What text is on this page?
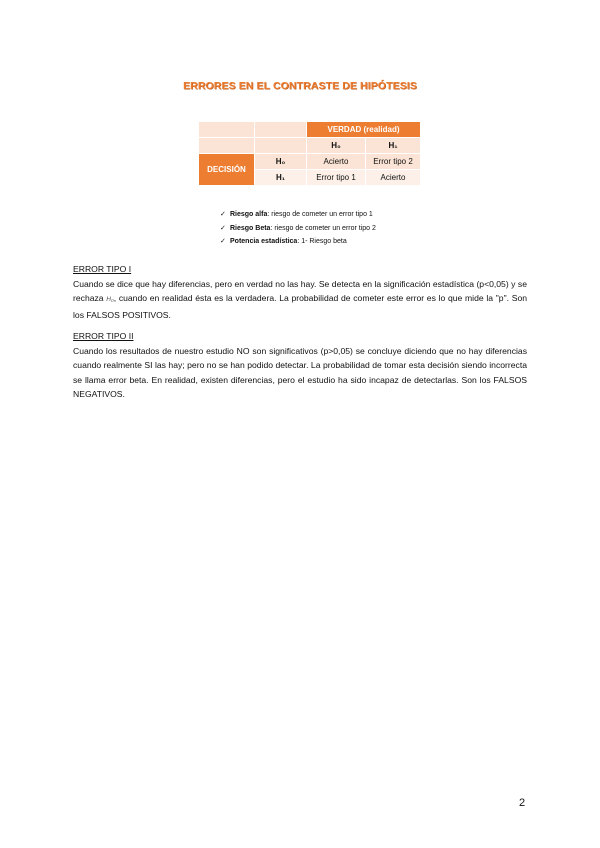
ERRORES EN EL CONTRASTE DE HIPÓTESIS
		VERDAD (realidad)	
		H₀	H₁
DECISIÓN	H₀	Acierto	Error tipo 2
	H₁	Error tipo 1	Acierto
✓ Riesgo alfa: riesgo de cometer un error tipo 1
✓ Riesgo Beta: riesgo de cometer un error tipo 2
✓ Potencia estadística: 1- Riesgo beta
ERROR TIPO I
Cuando se dice que hay diferencias, pero en verdad no las hay. Se detecta en la significación estadística (p<0,05) y se rechaza H₀, cuando en realidad ésta es la verdadera. La probabilidad de cometer este error es lo que mide la "p". Son los FALSOS POSITIVOS.
ERROR TIPO II
Cuando los resultados de nuestro estudio NO son significativos (p>0,05) se concluye diciendo que no hay diferencias cuando realmente SI las hay; pero no se han podido detectar. La probabilidad de tomar esta decisión siendo incorrecta se llama error beta. En realidad, existen diferencias, pero el estudio ha sido incapaz de detectarlas. Son los FALSOS NEGATIVOS.
2
